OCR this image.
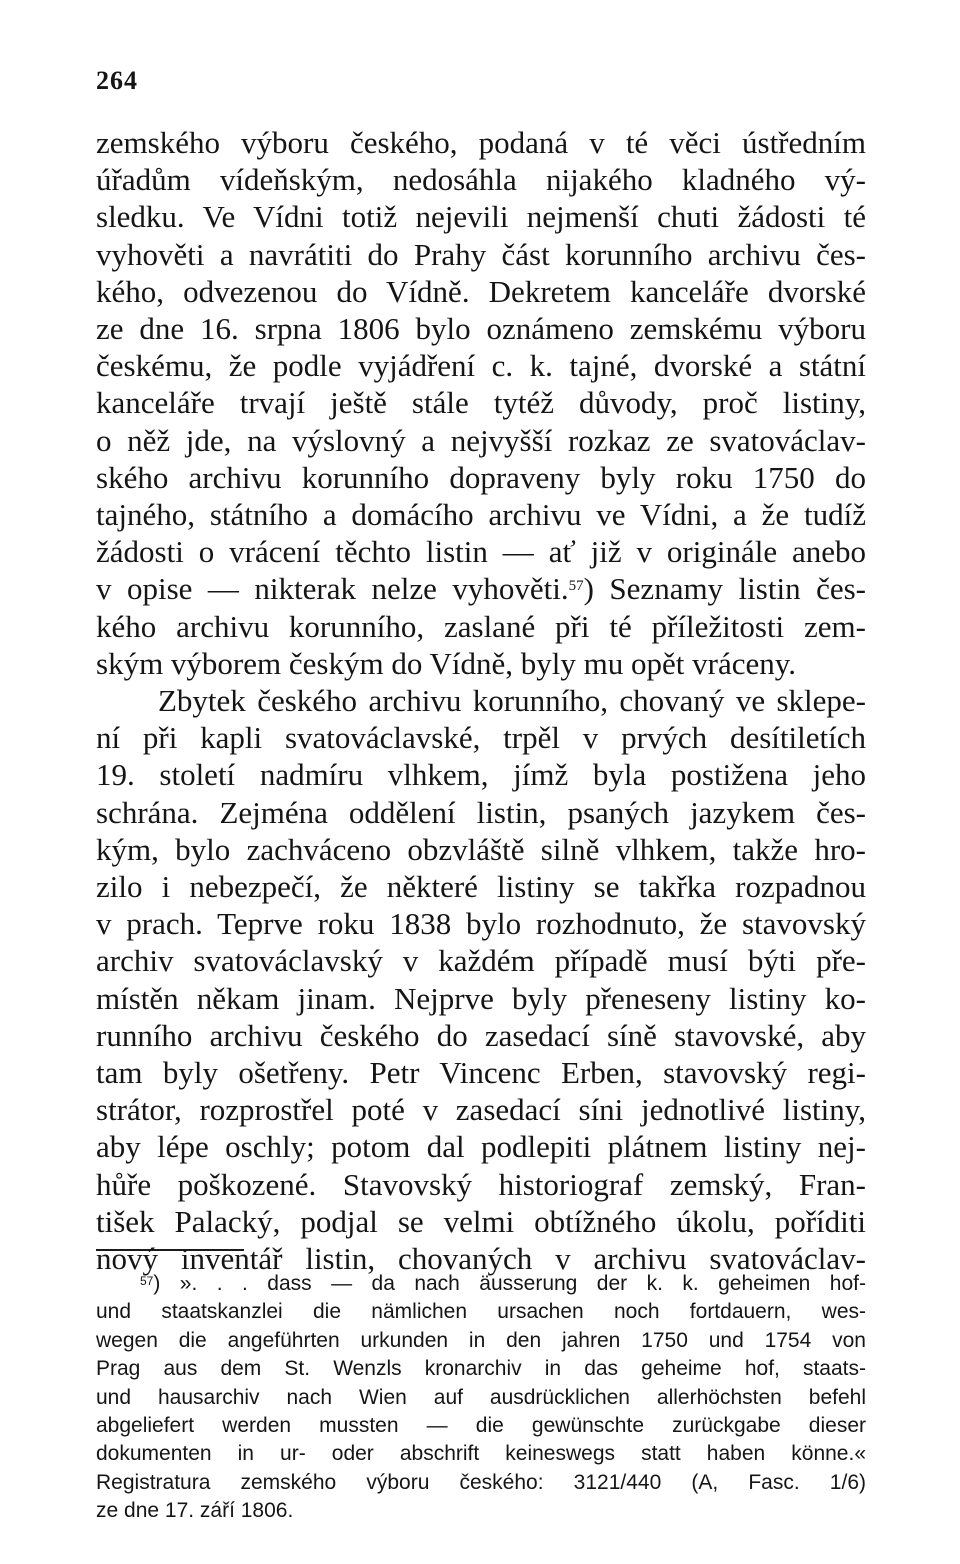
264
zemského výboru českého, podaná v té věci ústředním
úřadům vídeňským, nedosáhla nijakého kladného vý-
sledku. Ve Vídni totiž nejevili nejmenší chuti žádosti té
vyhověti a navrátiti do Prahy část korunního archivu čes-
kého, odvezenou do Vídně. Dekretem kanceláře dvorské
ze dne 16. srpna 1806 bylo oznámeno zemskému výboru
českému, že podle vyjádření c. k. tajné, dvorské a státní
kanceláře trvají ještě stále tytéž důvody, proč listiny,
o něž jde, na výslovný a nejvyšší rozkaz ze svatováclav-
ského archivu korunního dopraveny byly roku 1750 do
tajného, státního a domácího archivu ve Vídni, a že tudíž
žádosti o vrácení těchto listin — ať již v originále anebo
v opise — nikterak nelze vyhověti.$^{57}$) Seznamy listin čes-
kého archivu korunního, zaslané při té příležitosti zem-
ským výborem českým do Vídně, byly mu opět vráceny.
Zbytek českého archivu korunního, chovaný ve sklepe-
ní při kapli svatováclavské, trpěl v prvých desítiletích
19. století nadmíru vlhkem, jímž byla postižena jeho
schrána. Zejména oddělení listin, psaných jazykem čes-
kým, bylo zachváceno obzvláště silně vlhkem, takže hro-
zilo i nebezpečí, že některé listiny se takřka rozpadnou
v prach. Teprve roku 1838 bylo rozhodnuto, že stavovský
archiv svatováclavský v každém případě musí býti pře-
místěn někam jinam. Nejprve byly přeneseny listiny ko-
runního archivu českého do zasedací síně stavovské, aby
tam byly ošetřeny. Petr Vincenc Erben, stavovský regi-
strátor, rozprostřel poté v zasedací síni jednotlivé listiny,
aby lépe oschly; potom dal podlepiti plátnem listiny nej-
hůře poškozené. Stavovský historiograf zemský, Fran-
tišek Palacký, podjal se velmi obtížného úkolu, poříditi
nový inventář listin, chovaných v archivu svatováclav-
$^{57}$) ». . . dass — da nach äusserung der k. k. geheimen hof-
und staatskanzlei die nämlichen ursachen noch fortdauern, wes-
wegen die angeführten urkunden in den jahren 1750 und 1754 von
Prag aus dem St. Wenzls kronarchiv in das geheime hof, staats-
und hausarchiv nach Wien auf ausdrücklichen allerhöchsten befehl
abgeliefert werden mussten — die gewünschte zurückgabe dieser
dokumenten in ur- oder abschrift keineswegs statt haben könne.«
Registratura zemského výboru českého: 3121/440 (A, Fasc. 1/6)
ze dne 17. září 1806.
